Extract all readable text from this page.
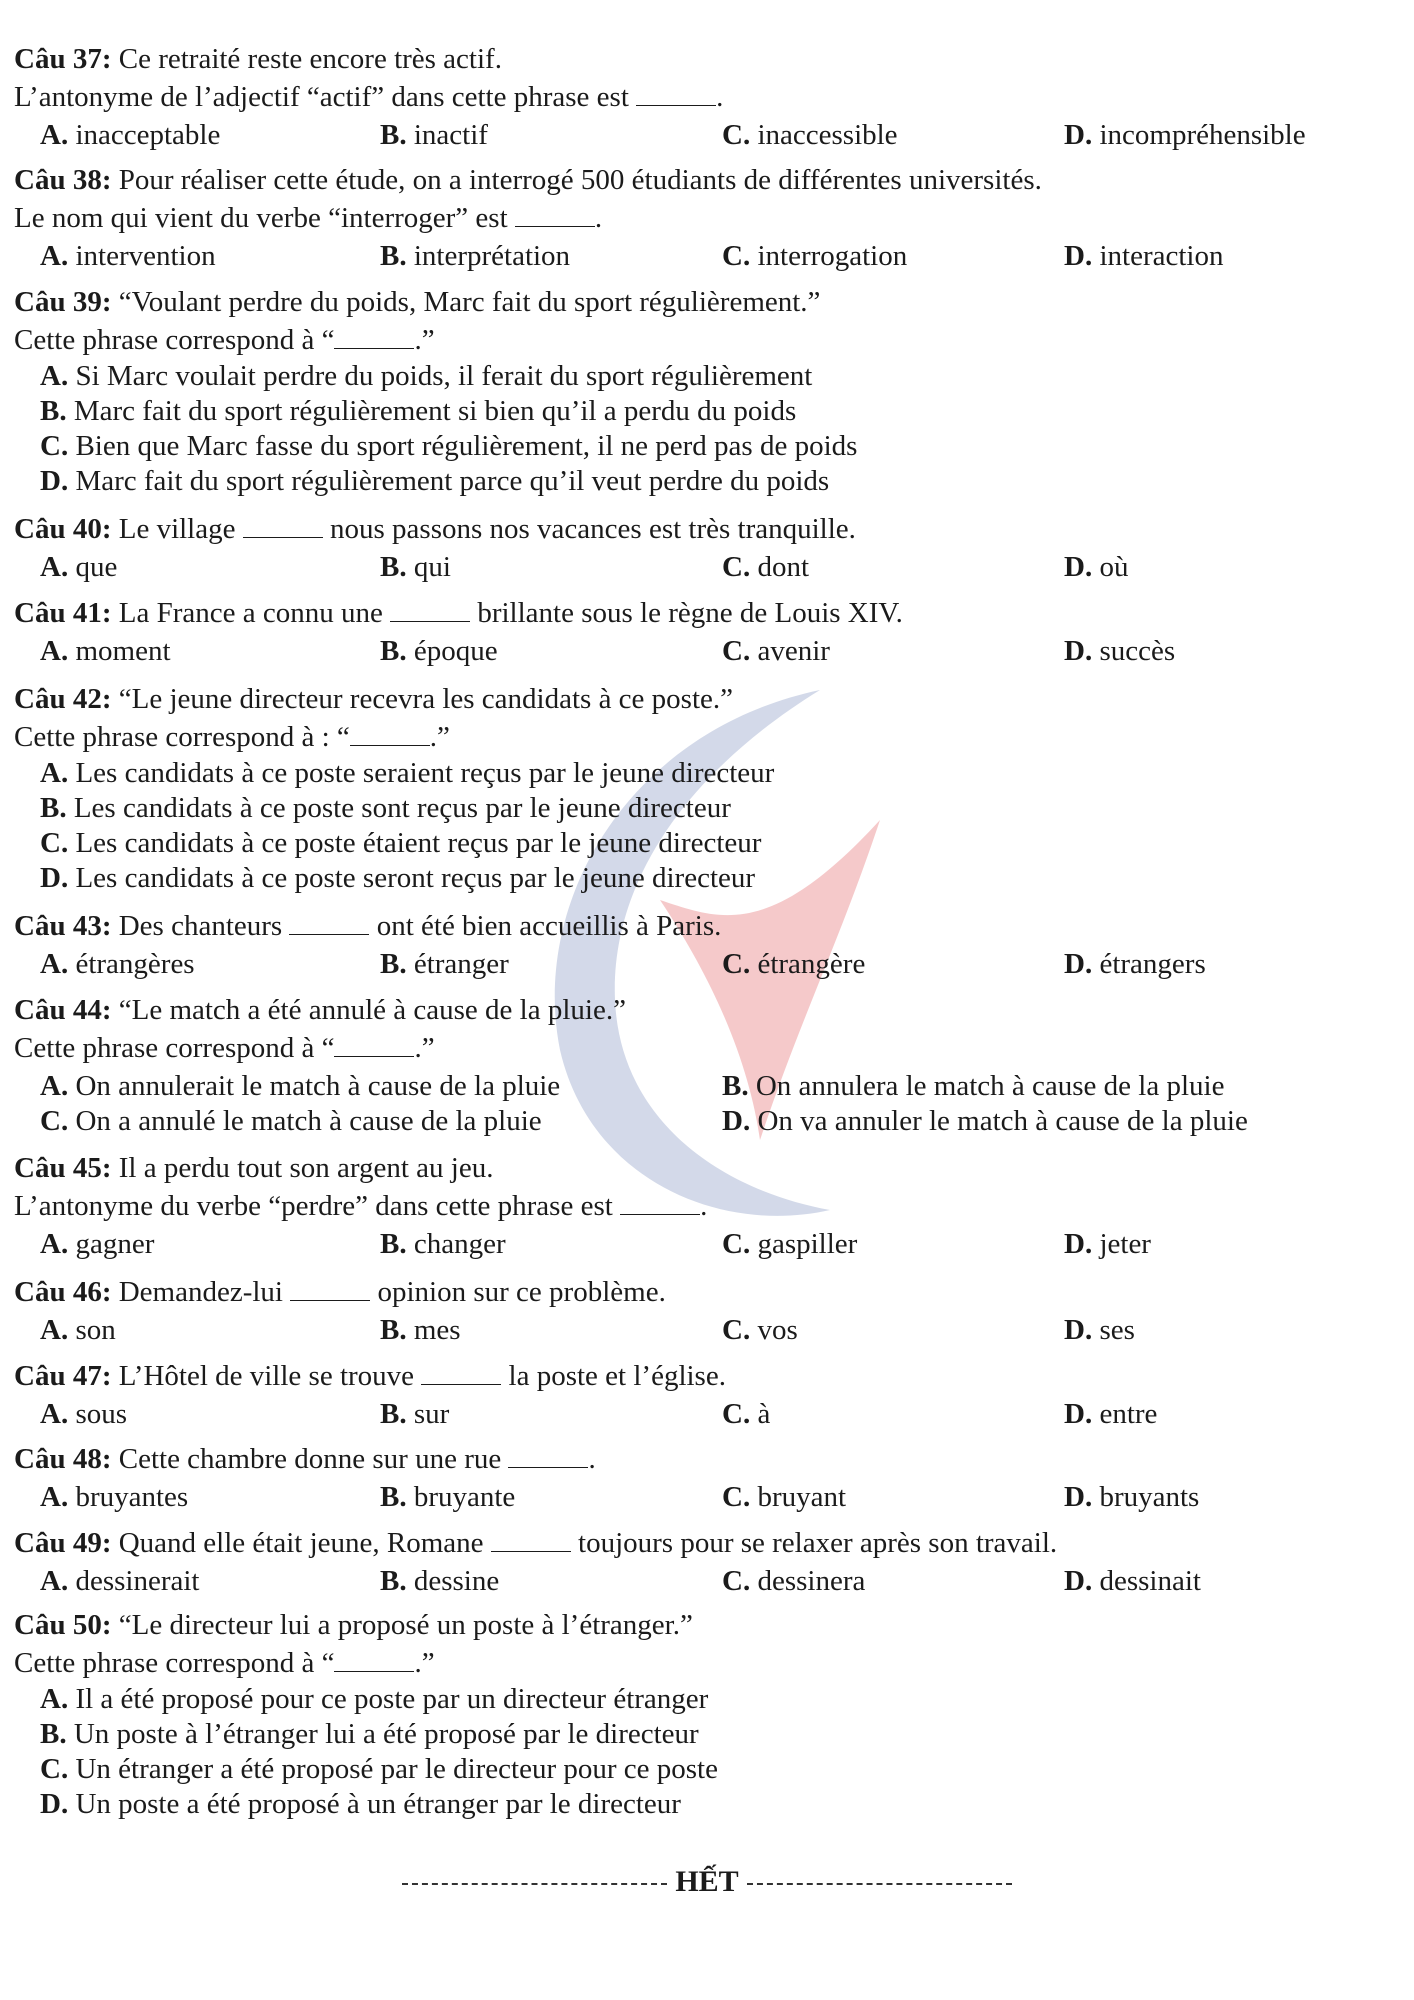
Câu 37: Ce retraité reste encore très actif.
L’antonyme de l’adjectif “actif” dans cette phrase est	.
A. inacceptable	B. inactif	C. inaccessible	D. incompréhensible
Câu 38: Pour réaliser cette étude, on a interrogé 500 étudiants de différentes universités.
Le nom qui vient du verbe “interroger” est	.
A. intervention	B. interprétation	C. interrogation	D. interaction
Câu 39: “Voulant perdre du poids, Marc fait du sport régulièrement.”
Cette phrase correspond à “	.”
A. Si Marc voulait perdre du poids, il ferait du sport régulièrement
B. Marc fait du sport régulièrement si bien qu’il a perdu du poids
C. Bien que Marc fasse du sport régulièrement, il ne perd pas de poids
D. Marc fait du sport régulièrement parce qu’il veut perdre du poids
Câu 40: Le village	nous passons nos vacances est très tranquille.
A. que	B. qui	C. dont	D. où
Câu 41: La France a connu une	brillante sous le règne de Louis XIV.
A. moment	B. époque	C. avenir	D. succès
Câu 42: “Le jeune directeur recevra les candidats à ce poste.”
Cette phrase correspond à : “	.”
A. Les candidats à ce poste seraient reçus par le jeune directeur
B. Les candidats à ce poste sont reçus par le jeune directeur
C. Les candidats à ce poste étaient reçus par le jeune directeur
D. Les candidats à ce poste seront reçus par le jeune directeur
Câu 43: Des chanteurs	ont été bien accueillis à Paris.
A. étrangères	B. étranger	C. étrangère	D. étrangers
Câu 44: “Le match a été annulé à cause de la pluie.”
Cette phrase correspond à “	.”
A. On annulerait le match à cause de la pluie	B. On annulera le match à cause de la pluie
C. On a annulé le match à cause de la pluie	D. On va annuler le match à cause de la pluie
Câu 45: Il a perdu tout son argent au jeu.
L’antonyme du verbe “perdre” dans cette phrase est	.
A. gagner	B. changer	C. gaspiller	D. jeter
Câu 46: Demandez-lui	opinion sur ce problème.
A. son	B. mes	C. vos	D. ses
Câu 47: L’Hôtel de ville se trouve	la poste et l’église.
A. sous	B. sur	C. à	D. entre
Câu 48: Cette chambre donne sur une rue	.
A. bruyantes	B. bruyante	C. bruyant	D. bruyants
Câu 49: Quand elle était jeune, Romane	toujours pour se relaxer après son travail.
A. dessinerait	B. dessine	C. dessinera	D. dessinait
Câu 50: “Le directeur lui a proposé un poste à l’étranger.”
Cette phrase correspond à “	.”
A. Il a été proposé pour ce poste par un directeur étranger
B. Un poste à l’étranger lui a été proposé par le directeur
C. Un étranger a été proposé par le directeur pour ce poste
D. Un poste a été proposé à un étranger par le directeur
HẾT
